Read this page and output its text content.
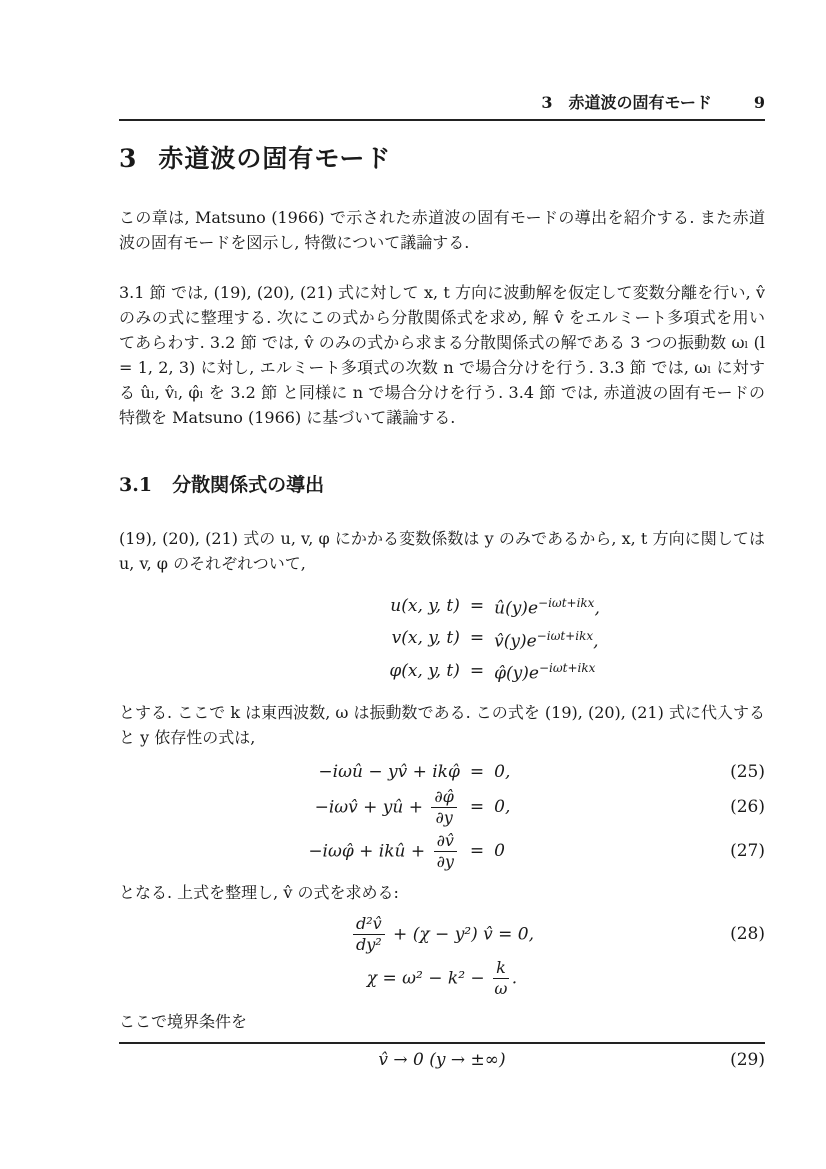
3 赤道波の固有モード	9
3 赤道波の固有モード

この章は, Matsuno (1966) で示された赤道波の固有モードの導出を紹介する. また赤道波の固有モードを図示し, 特徴について議論する.

3.1 節 では, (19), (20), (21) 式に対して x, t 方向に波動解を仮定して変数分離を行い, v̂ のみの式に整理する. 次にこの式から分散関係式を求め, 解 v̂ をエルミート多項式を用いてあらわす. 3.2 節 では, v̂ のみの式から求まる分散関係式の解である 3 つの振動数 ωₗ (l = 1, 2, 3) に対し, エルミート多項式の次数 n で場合分けを行う. 3.3 節 では, ωₗ に対する ûₗ, v̂ₗ, φ̂ₗ を 3.2 節 と同様に n で場合分けを行う. 3.4 節 では, 赤道波の固有モードの特徴を Matsuno (1966) に基づいて議論する.

3.1 分散関係式の導出

(19), (20), (21) 式の u, v, φ にかかる変数係数は y のみであるから, x, t 方向に関しては u, v, φ のそれぞれついて,

u(x, y, $t) = û(y)e^{-i\omega t+ikx}$,
v(x, y, $t) = v̂(y)e^{-i\omega t+ikx}$,
φ(x, y, $t) = \varphî(y)e^{-i\omega t+ikx}$

とする. ここで k は東西波数, ω は振動数である. この式を (19), (20), (21) 式に代入すると y 依存性の式は,

−iωû − yv̂ + ikφ̂ = 0,	(25)
−iωv̂ + yû + $\frac{\partial\varphî}{\partial y} = 0$,	(26)
−iωφ̂ + ikû + $\frac{\partial v̂}{\partial y} = 0$	(27)

となる. 上式を整理し, v̂ の式を求める:

$\frac{\text{d²v̂}}{\text{dy²}} + (\chi - y^2)$ v̂ = 0,	(28)
$\chi = \omega^2 - k^2 - \frac{k}{\omega}$ .

ここで境界条件を

v̂ → 0 (y → ±∞)	(29)
